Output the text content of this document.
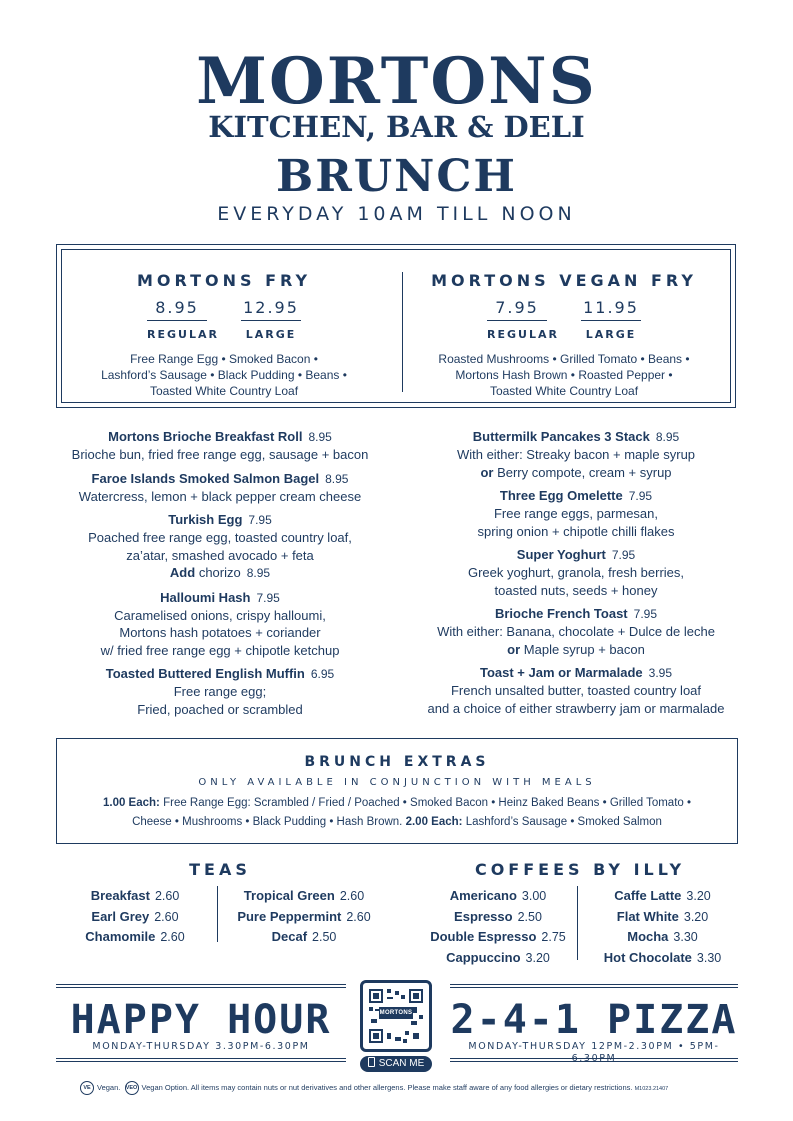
MORTONS
KITCHEN, BAR & DELI
BRUNCH
EVERYDAY 10AM TILL NOON
MORTONS FRY
8.95
REGULAR
12.95
LARGE
Free Range Egg • Smoked Bacon •
Lashford’s Sausage • Black Pudding • Beans •
Toasted White Country Loaf
MORTONS VEGAN FRY
7.95
REGULAR
11.95
LARGE
Roasted Mushrooms • Grilled Tomato • Beans •
Mortons Hash Brown • Roasted Pepper •
Toasted White Country Loaf
Mortons Brioche Breakfast Roll 8.95
Brioche bun, fried free range egg, sausage + bacon
Faroe Islands Smoked Salmon Bagel 8.95
Watercress, lemon + black pepper cream cheese
Turkish Egg 7.95
Poached free range egg, toasted country loaf,
za’atar, smashed avocado + feta
Add chorizo 8.95
Halloumi Hash 7.95
Caramelised onions, crispy halloumi,
Mortons hash potatoes + coriander
w/ fried free range egg + chipotle ketchup
Toasted Buttered English Muffin 6.95
Free range egg;
Fried, poached or scrambled
Buttermilk Pancakes 3 Stack 8.95
With either: Streaky bacon + maple syrup
or Berry compote, cream + syrup
Three Egg Omelette 7.95
Free range eggs, parmesan,
spring onion + chipotle chilli flakes
Super Yoghurt 7.95
Greek yoghurt, granola, fresh berries,
toasted nuts, seeds + honey
Brioche French Toast 7.95
With either: Banana, chocolate + Dulce de leche
or Maple syrup + bacon
Toast + Jam or Marmalade 3.95
French unsalted butter, toasted country loaf
and a choice of either strawberry jam or marmalade
BRUNCH EXTRAS
ONLY AVAILABLE IN CONJUNCTION WITH MEALS
1.00 Each: Free Range Egg: Scrambled / Fried / Poached • Smoked Bacon • Heinz Baked Beans • Grilled Tomato •
Cheese • Mushrooms • Black Pudding • Hash Brown. 2.00 Each: Lashford’s Sausage • Smoked Salmon
TEAS
Breakfast 2.60
Earl Grey 2.60
Chamomile 2.60
Tropical Green 2.60
Pure Peppermint 2.60
Decaf 2.50
COFFEES BY ILLY
Americano 3.00
Espresso 2.50
Double Espresso 2.75
Cappuccino 3.20
Caffe Latte 3.20
Flat White 3.20
Mocha 3.30
Hot Chocolate 3.30
HAPPY HOUR
MONDAY-THURSDAY 3.30PM-6.30PM
2-4-1 PIZZA
MONDAY-THURSDAY 12PM-2.30PM • 5PM-6.30PM
MORTONS
SCAN ME
VE Vegan. VEO Vegan Option. All items may contain nuts or nut derivatives and other allergens. Please make staff aware of any food allergies or dietary restrictions. M1023.21407
